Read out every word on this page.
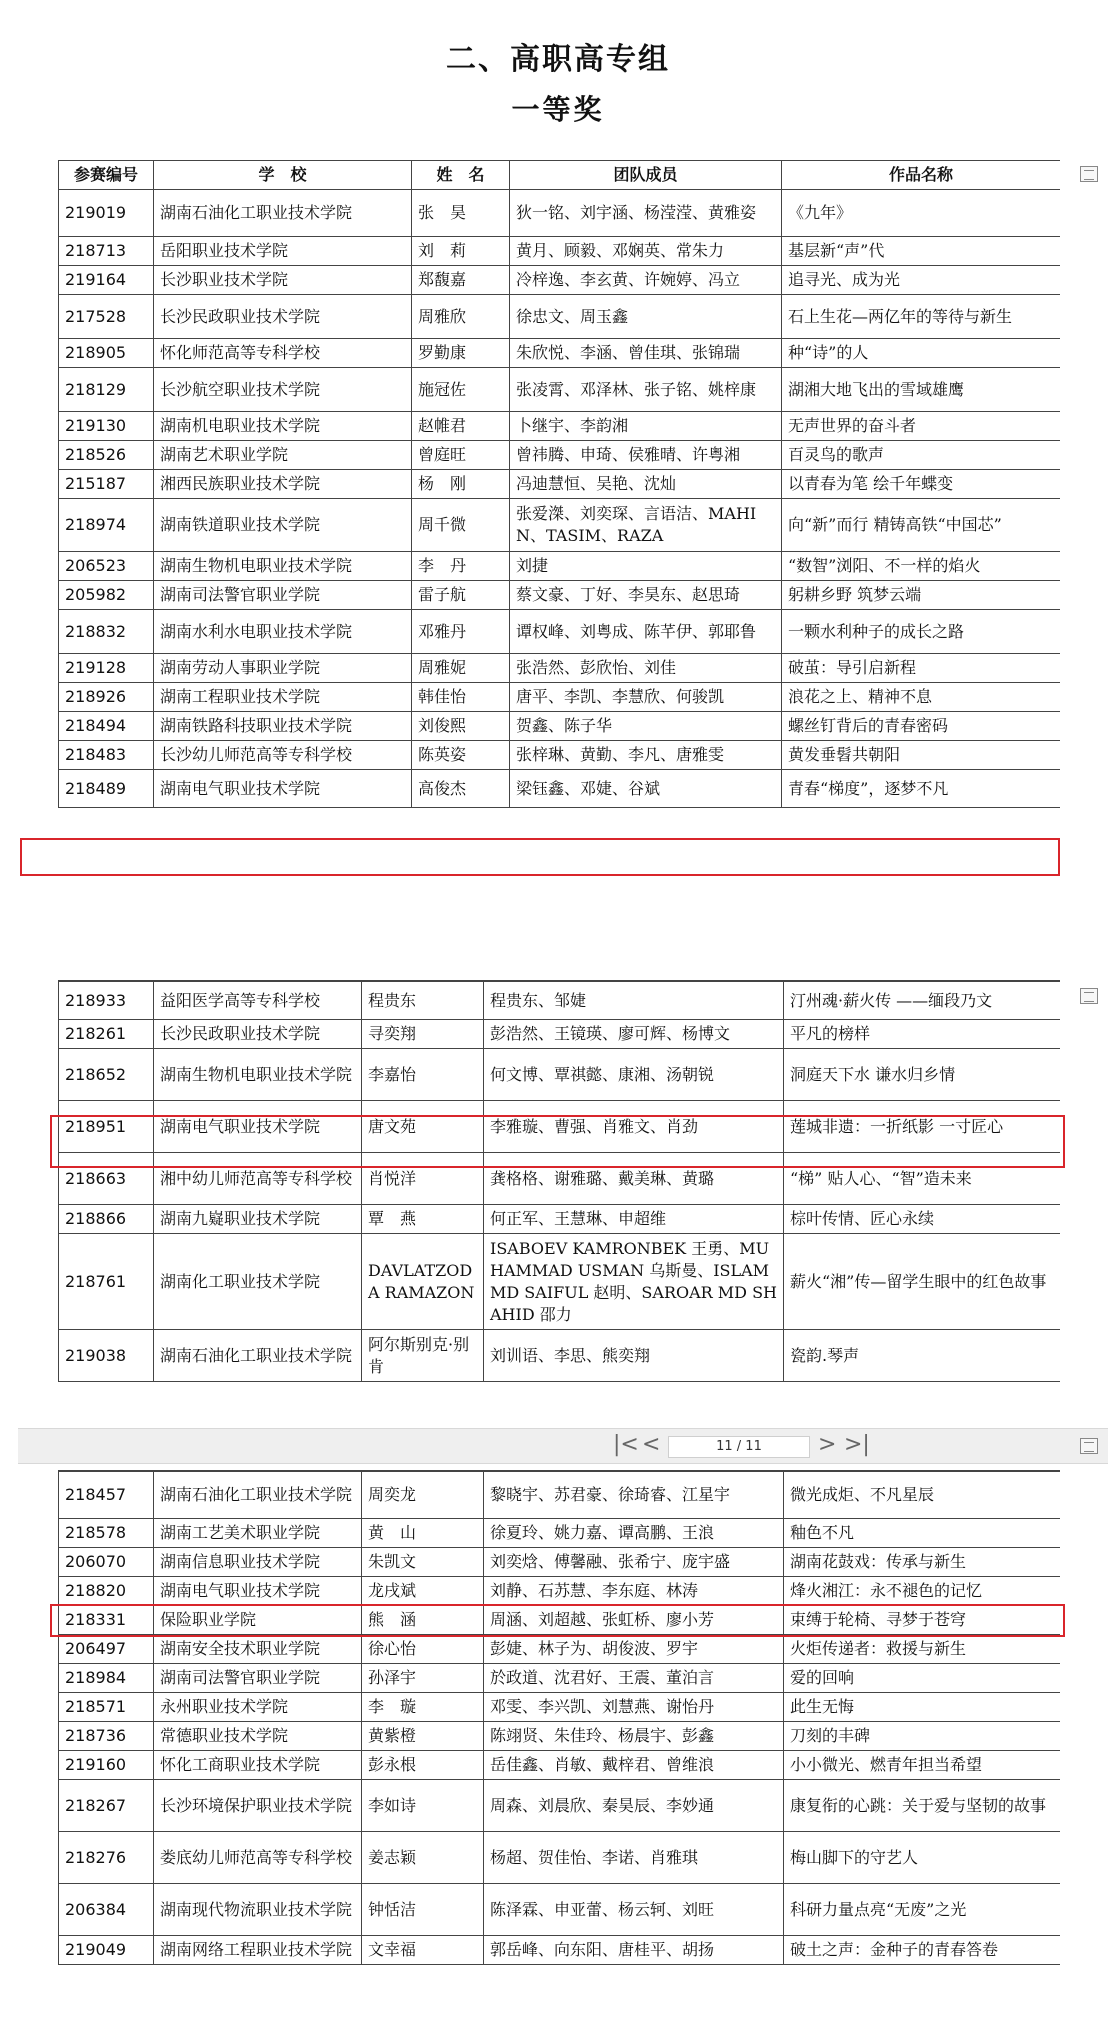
二、高职高专组
一等奖
参赛编号	学　校	姓　名	团队成员	作品名称
219019	湖南石油化工职业技术学院	张　昊	狄一铭、刘宇涵、杨滢滢、黄雅姿	《九年》
218713	岳阳职业技术学院	刘　莉	黄月、顾毅、邓娴英、常朱力	基层新“声”代
219164	长沙职业技术学院	郑馥嘉	冷梓逸、李玄黄、许婉婷、冯立	追寻光、成为光
217528	长沙民政职业技术学院	周雅欣	徐忠文、周玉鑫	石上生花—两亿年的等待与新生
218905	怀化师范高等专科学校	罗勤康	朱欣悦、李涵、曾佳琪、张锦瑞	种“诗”的人
218129	长沙航空职业技术学院	施冠佐	张凌霄、邓泽林、张子铭、姚梓康	湖湘大地飞出的雪域雄鹰
219130	湖南机电职业技术学院	赵帷君	卜继宇、李韵湘	无声世界的奋斗者
218526	湖南艺术职业学院	曾庭旺	曾祎腾、申琦、侯雅晴、许粤湘	百灵鸟的歌声
215187	湘西民族职业技术学院	杨　刚	冯迪慧恒、吴艳、沈灿	以青春为笔 绘千年蝶变
218974	湖南铁道职业技术学院	周千微	张爱滐、刘奕琛、言语洁、MAHIN、TASIM、RAZA	向“新”而行 精铸高铁“中国芯”
206523	湖南生物机电职业技术学院	李　丹	刘捷	“数智”浏阳、不一样的焰火
205982	湖南司法警官职业学院	雷子航	蔡文豪、丁好、李昊东、赵思琦	躬耕乡野 筑梦云端
218832	湖南水利水电职业技术学院	邓雅丹	谭权峰、刘粤成、陈芊伊、郭耶鲁	一颗水利种子的成长之路
219128	湖南劳动人事职业学院	周雅妮	张浩然、彭欣怡、刘佳	破茧：导引启新程
218926	湖南工程职业技术学院	韩佳怡	唐平、李凯、李慧欣、何骏凯	浪花之上、精神不息
218494	湖南铁路科技职业技术学院	刘俊熙	贺鑫、陈子华	螺丝钉背后的青春密码
218483	长沙幼儿师范高等专科学校	陈英姿	张梓琳、黄勤、李凡、唐雅雯	黄发垂髫共朝阳
218489	湖南电气职业技术学院	高俊杰	梁钰鑫、邓婕、谷斌	青春“梯度”，逐梦不凡
218933	益阳医学高等专科学校	程贵东	程贵东、邹婕	汀州魂·薪火传 ——缅段乃文
218261	长沙民政职业技术学院	寻奕翔	彭浩然、王镜瑛、廖可辉、杨博文	平凡的榜样
218652	湖南生物机电职业技术学院	李嘉怡	何文博、覃祺懿、康湘、汤朝锐	洞庭天下水 谦水归乡情
218951	湖南电气职业技术学院	唐文苑	李雅璇、曹强、肖雅文、肖劲	莲城非遗：一折纸影 一寸匠心
218663	湘中幼儿师范高等专科学校	肖悦洋	龚格格、谢雅璐、戴美琳、黄璐	“梯” 贴人心、“智”造未来
218866	湖南九嶷职业技术学院	覃　燕	何正军、王慧琳、申超维	棕叶传情、匠心永续
218761	湖南化工职业技术学院	DAVLATZODA RAMAZON	ISABOEV KAMRONBEK 王勇、MUHAMMAD USMAN 乌斯曼、ISLAM MD SAIFUL 赵明、SAROAR MD SHAHID 邵力	薪火“湘”传—留学生眼中的红色故事
219038	湖南石油化工职业技术学院	阿尔斯别克·别肯	刘训语、李思、熊奕翔	瓷韵.琴声
|< <	11 / 11	> >|
218457	湖南石油化工职业技术学院	周奕龙	黎晓宇、苏君豪、徐琦睿、江星宇	微光成炬、不凡星辰
218578	湖南工艺美术职业学院	黄　山	徐夏玲、姚力嘉、谭高鹏、王浪	釉色不凡
206070	湖南信息职业技术学院	朱凯文	刘奕焓、傅馨融、张希宁、庞宇盛	湖南花鼓戏：传承与新生
218820	湖南电气职业技术学院	龙戌斌	刘静、石苏慧、李东庭、林涛	烽火湘江：永不褪色的记忆
218331	保险职业学院	熊　涵	周涵、刘超越、张虹桥、廖小芳	束缚于轮椅、寻梦于苍穹
206497	湖南安全技术职业学院	徐心怡	彭婕、林子为、胡俊波、罗宇	火炬传递者：救援与新生
218984	湖南司法警官职业学院	孙泽宇	於政道、沈君好、王震、董泊言	爱的回响
218571	永州职业技术学院	李　璇	邓雯、李兴凯、刘慧燕、谢怡丹	此生无悔
218736	常德职业技术学院	黄紫橙	陈翊贤、朱佳玲、杨晨宇、彭鑫	刀刻的丰碑
219160	怀化工商职业技术学院	彭永根	岳佳鑫、肖敏、戴梓君、曾维浪	小小微光、燃青年担当希望
218267	长沙环境保护职业技术学院	李如诗	周森、刘晨欣、秦昊辰、李妙通	康复衔的心跳：关于爱与坚韧的故事
218276	娄底幼儿师范高等专科学校	姜志颖	杨超、贺佳怡、李诺、肖雅琪	梅山脚下的守艺人
206384	湖南现代物流职业技术学院	钟恬洁	陈泽霖、申亚蕾、杨云轲、刘旺	科研力量点亮“无废”之光
219049	湖南网络工程职业技术学院	文幸福	郭岳峰、向东阳、唐桂平、胡扬	破土之声：金种子的青春答卷
